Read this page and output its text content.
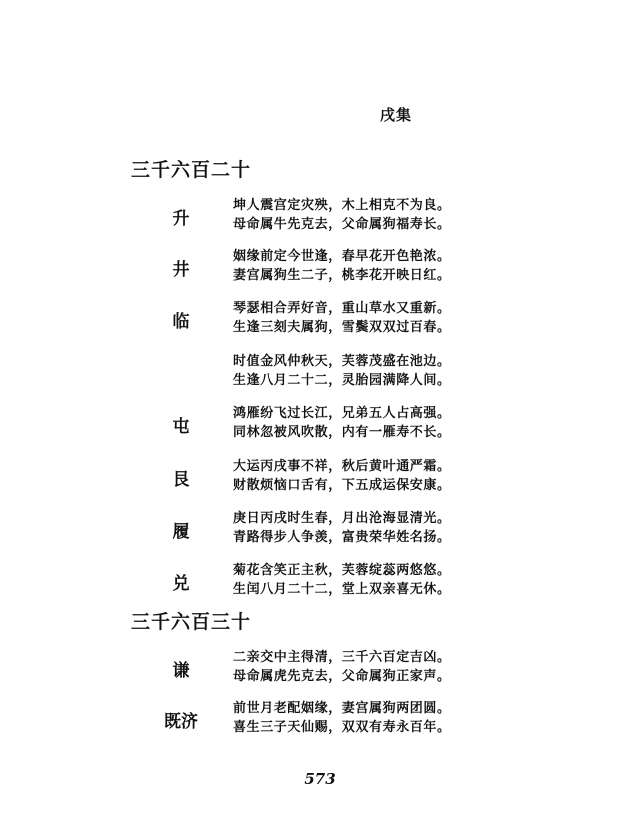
戌集
三千六百二十
升
坤人震宫定灾殃，木上相克不为良。
母命属牛先克去，父命属狗福寿长。
井
姻缘前定今世逢，春早花开色艳浓。
妻宫属狗生二子，桃李花开映日红。
临
琴瑟相合弄好音，重山草水又重新。
生逢三刻夫属狗，雪鬓双双过百春。
时值金风仲秋天，芙蓉茂盛在池边。
生逢八月二十二，灵胎园满降人间。
屯
鸿雁纷飞过长江，兄弟五人占高强。
同林忽被风吹散，内有一雁寿不长。
艮
大运丙戌事不祥，秋后黄叶通严霜。
财散烦恼口舌有，下五成运保安康。
履
庚日丙戌时生春，月出沧海显清光。
青路得步人争羡，富贵荣华姓名扬。
兑
菊花含笑正主秋，芙蓉绽蕊两悠悠。
生闰八月二十二，堂上双亲喜无休。
三千六百三十
谦
二亲交中主得清，三千六百定吉凶。
母命属虎先克去，父命属狗正家声。
既济
前世月老配姻缘，妻宫属狗两团圆。
喜生三子天仙赐，双双有寿永百年。
573
